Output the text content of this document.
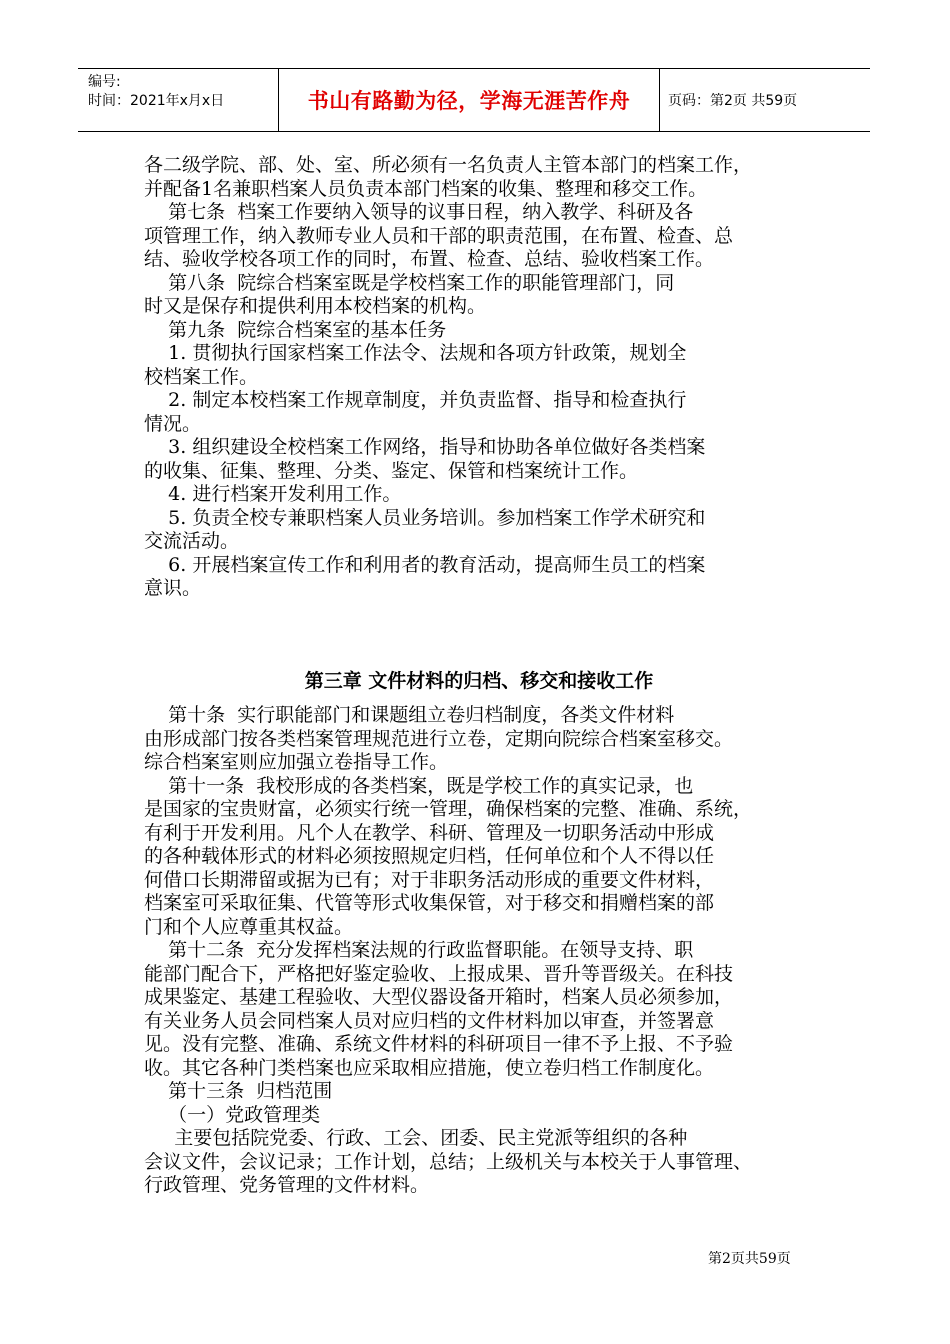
编号:
时间：2021年x月x日	书山有路勤为径，学海无涯苦作舟	页码：第2页 共59页

各二级学院、部、处、室、所必须有一名负责人主管本部门的档案工作，

并配备1名兼职档案人员负责本部门档案的收集、整理和移交工作。

第七条  档案工作要纳入领导的议事日程，纳入教学、科研及各

项管理工作，纳入教师专业人员和干部的职责范围，在布置、检查、总

结、验收学校各项工作的同时，布置、检查、总结、验收档案工作。

第八条  院综合档案室既是学校档案工作的职能管理部门，同

时又是保存和提供利用本校档案的机构。

第九条  院综合档案室的基本任务

1. 贯彻执行国家档案工作法令、法规和各项方针政策，规划全

校档案工作。

2. 制定本校档案工作规章制度，并负责监督、指导和检查执行

情况。

3. 组织建设全校档案工作网络，指导和协助各单位做好各类档案

的收集、征集、整理、分类、鉴定、保管和档案统计工作。

4. 进行档案开发利用工作。

5. 负责全校专兼职档案人员业务培训。参加档案工作学术研究和

交流活动。

6. 开展档案宣传工作和利用者的教育活动，提高师生员工的档案

意识。

第三章 文件材料的归档、移交和接收工作

第十条  实行职能部门和课题组立卷归档制度，各类文件材料

由形成部门按各类档案管理规范进行立卷，定期向院综合档案室移交。

综合档案室则应加强立卷指导工作。

第十一条  我校形成的各类档案，既是学校工作的真实记录，也

是国家的宝贵财富，必须实行统一管理，确保档案的完整、准确、系统，

有利于开发利用。凡个人在教学、科研、管理及一切职务活动中形成

的各种载体形式的材料必须按照规定归档，任何单位和个人不得以任

何借口长期滞留或据为已有；对于非职务活动形成的重要文件材料，

档案室可采取征集、代管等形式收集保管，对于移交和捐赠档案的部

门和个人应尊重其权益。

第十二条  充分发挥档案法规的行政监督职能。在领导支持、职

能部门配合下，严格把好鉴定验收、上报成果、晋升等晋级关。在科技

成果鉴定、基建工程验收、大型仪器设备开箱时，档案人员必须参加，

有关业务人员会同档案人员对应归档的文件材料加以审查，并签署意

见。没有完整、准确、系统文件材料的科研项目一律不予上报、不予验

收。其它各种门类档案也应采取相应措施，使立卷归档工作制度化。

第十三条  归档范围

（一）党政管理类

主要包括院党委、行政、工会、团委、民主党派等组织的各种

会议文件，会议记录；工作计划，总结；上级机关与本校关于人事管理、

行政管理、党务管理的文件材料。

第2页共59页
